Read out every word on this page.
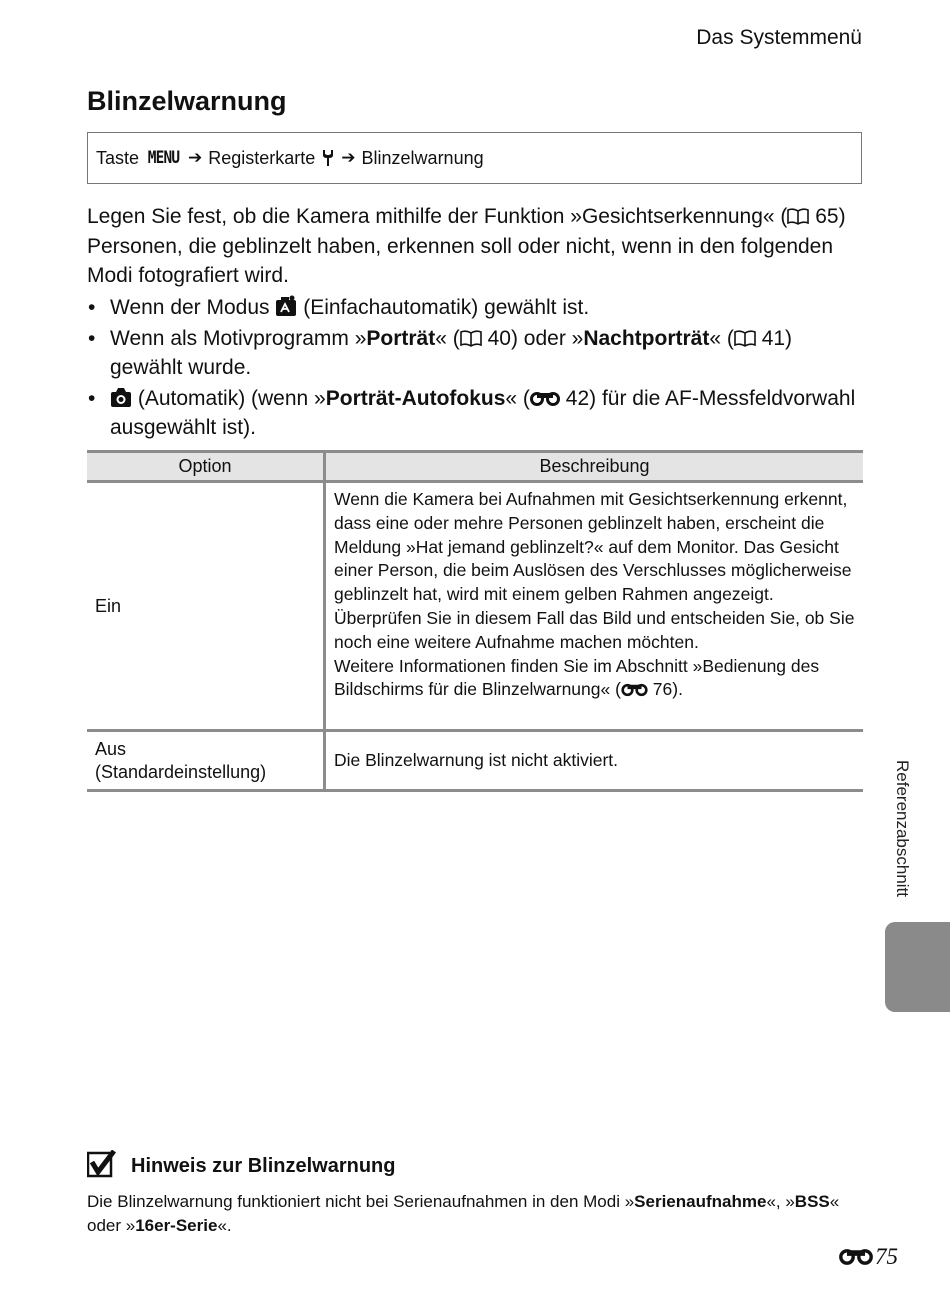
Das Systemmenü
Blinzelwarnung
Taste MENU ➔ Registerkarte ➔ Blinzelwarnung

Legen Sie fest, ob die Kamera mithilfe der Funktion »Gesichtserkennung« ( 65) Personen, die geblinzelt haben, erkennen soll oder nicht, wenn in den folgenden Modi fotografiert wird.

• Wenn der Modus  (Einfachautomatik) gewählt ist.
• Wenn als Motivprogramm »Porträt« ( 40) oder »Nachtporträt« ( 41) gewählt wurde.
• (Automatik) (wenn »Porträt-Autofokus« ( 42) für die AF-Messfeldvorwahl ausgewählt ist).
Option	Beschreibung
Ein
Wenn die Kamera bei Aufnahmen mit Gesichtserkennung erkennt, dass eine oder mehre Personen geblinzelt haben, erscheint die Meldung »Hat jemand geblinzelt?« auf dem Monitor. Das Gesicht einer Person, die beim Auslösen des Verschlusses möglicherweise geblinzelt hat, wird mit einem gelben Rahmen angezeigt. Überprüfen Sie in diesem Fall das Bild und entscheiden Sie, ob Sie noch eine weitere Aufnahme machen möchten.
Weitere Informationen finden Sie im Abschnitt »Bedienung des Bildschirms für die Blinzelwarnung« ( 76).
Aus
(Standardeinstellung)
Die Blinzelwarnung ist nicht aktiviert.
Referenzabschnitt
Hinweis zur Blinzelwarnung

Die Blinzelwarnung funktioniert nicht bei Serienaufnahmen in den Modi »Serienaufnahme«, »BSS« oder »16er-Serie«.

75
